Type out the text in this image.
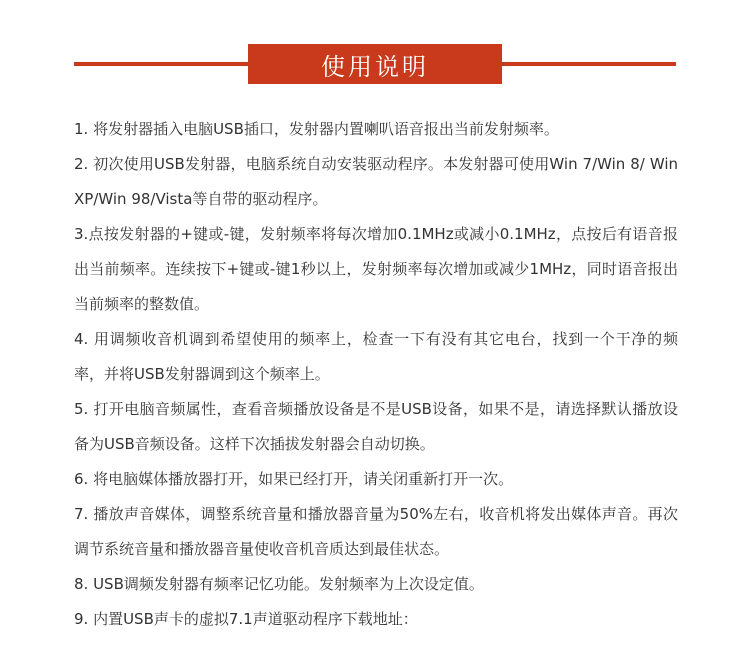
使用说明

1. 将发射器插入电脑USB插口，发射器内置喇叭语音报出当前发射频率。

2. 初次使用USB发射器，电脑系统自动安装驱动程序。本发射器可使用Win 7/Win 8/ Win XP/Win 98/Vista等自带的驱动程序。

3.点按发射器的+键或-键，发射频率将每次增加0.1MHz或减小0.1MHz，点按后有语音报出当前频率。连续按下+键或-键1秒以上，发射频率每次增加或减少1MHz，同时语音报出当前频率的整数值。

4. 用调频收音机调到希望使用的频率上，检查一下有没有其它电台，找到一个干净的频率，并将USB发射器调到这个频率上。

5. 打开电脑音频属性，查看音频播放设备是不是USB设备，如果不是，请选择默认播放设备为USB音频设备。这样下次插拔发射器会自动切换。

6. 将电脑媒体播放器打开，如果已经打开，请关闭重新打开一次。

7. 播放声音媒体，调整系统音量和播放器音量为50%左右，收音机将发出媒体声音。再次调节系统音量和播放器音量使收音机音质达到最佳状态。

8. USB调频发射器有频率记忆功能。发射频率为上次设定值。

9. 内置USB声卡的虚拟7.1声道驱动程序下载地址：
